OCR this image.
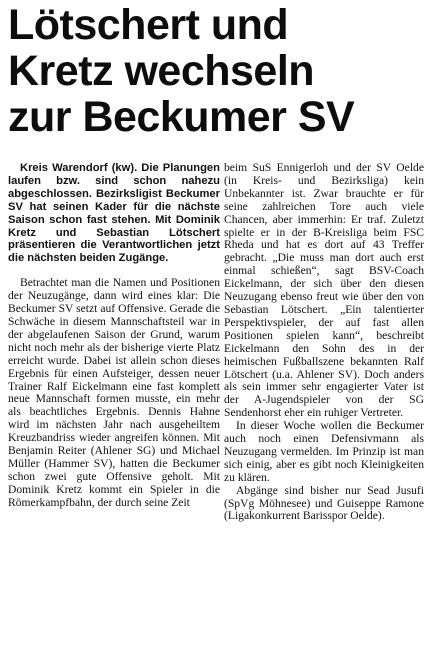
Lötschert und
Kretz wechseln
zur Beckumer SV

Kreis Warendorf (kw). Die Planungen laufen bzw. sind schon nahezu abgeschlossen. Bezirksligist Beckumer SV hat seinen Kader für die nächste Saison schon fast stehen. Mit Dominik Kretz und Sebastian Lötschert präsentieren die Verantwortlichen jetzt die nächsten beiden Zugänge.

Betrachtet man die Namen und Positionen der Neuzugänge, dann wird eines klar: Die Beckumer SV setzt auf Offensive. Gerade die Schwäche in diesem Mannschaftsteil war in der abgelaufenen Saison der Grund, warum nicht noch mehr als der bisherige vierte Platz erreicht wurde. Dabei ist allein schon dieses Ergebnis für einen Aufsteiger, dessen neuer Trainer Ralf Eickelmann eine fast komplett neue Mannschaft formen musste, ein mehr als beachtliches Ergebnis. Dennis Hahne wird im nächsten Jahr nach ausgeheiltem Kreuzbandriss wieder angreifen können. Mit Benjamin Reiter (Ahlener SG) und Michael Müller (Hammer SV), hatten die Beckumer schon zwei gute Offensive geholt. Mit Dominik Kretz kommt ein Spieler in die Römerkampfbahn, der durch seine Zeit

beim SuS Ennigerloh und der SV Oelde (in Kreis- und Bezirksliga) kein Unbekannter ist. Zwar brauchte er für seine zahlreichen Tore auch viele Chancen, aber immerhin: Er traf. Zuletzt spielte er in der B-Kreisliga beim FSC Rheda und hat es dort auf 43 Treffer gebracht. „Die muss man dort auch erst einmal schießen“, sagt BSV-Coach Eickelmann, der sich über den diesen Neuzugang ebenso freut wie über den von Sebastian Lötschert. „Ein talentierter Perspektivspieler, der auf fast allen Positionen spielen kann“, beschreibt Eickelmann den Sohn des in der heimischen Fußballszene bekannten Ralf Lötschert (u.a. Ahlener SV). Doch anders als sein immer sehr engagierter Vater ist der A-Jugendspieler von der SG Sendenhorst eher ein ruhiger Vertreter.

In dieser Woche wollen die Beckumer auch noch einen Defensivmann als Neuzugang vermelden. Im Prinzip ist man sich einig, aber es gibt noch Kleinigkeiten zu klären.

Abgänge sind bisher nur Sead Jusufi (SpVg Möhnesee) und Guiseppe Ramone (Ligakonkurrent Barisspor Oelde).
